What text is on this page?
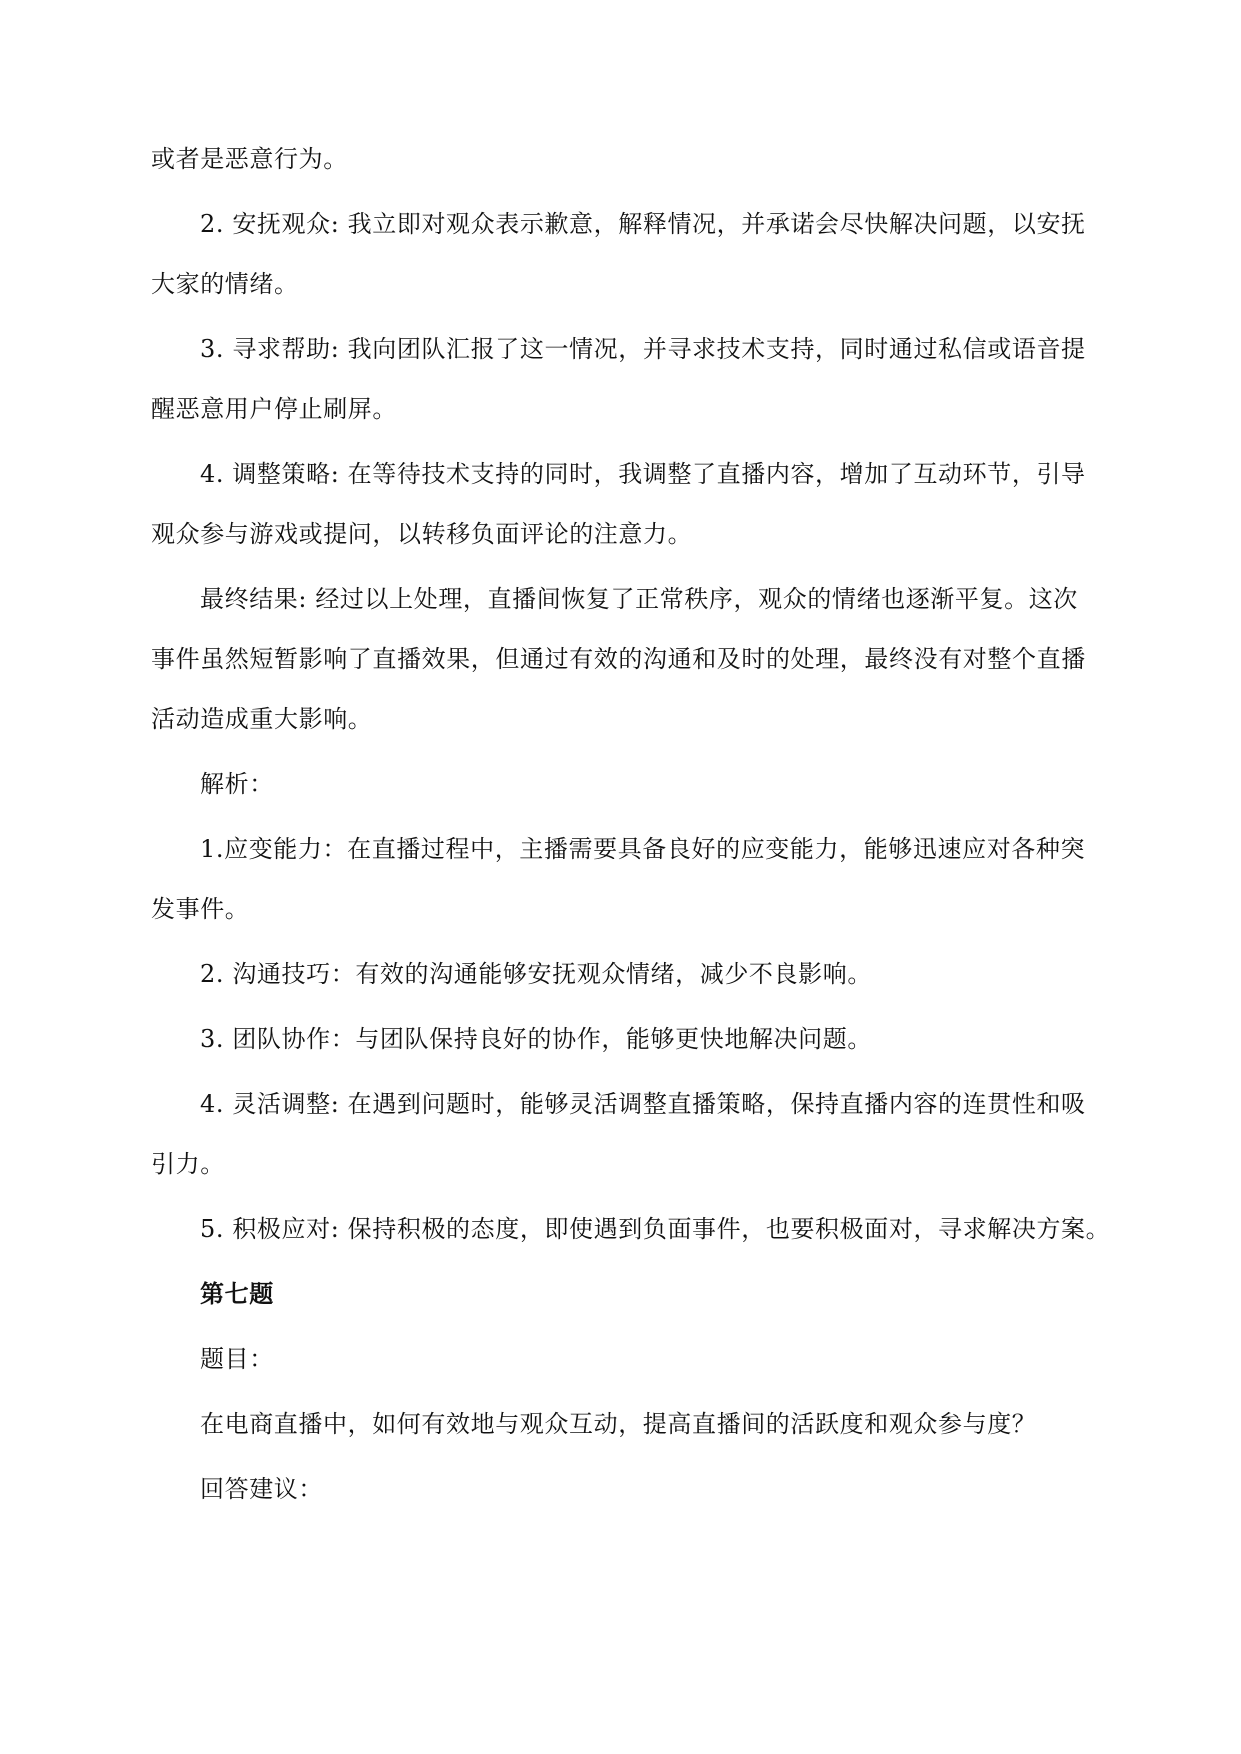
或者是恶意行为。
2. 安抚观众: 我立即对观众表示歉意，解释情况，并承诺会尽快解决问题，以安抚
大家的情绪。
3. 寻求帮助: 我向团队汇报了这一情况，并寻求技术支持，同时通过私信或语音提
醒恶意用户停止刷屏。
4. 调整策略: 在等待技术支持的同时，我调整了直播内容，增加了互动环节，引导
观众参与游戏或提问，以转移负面评论的注意力。
最终结果: 经过以上处理，直播间恢复了正常秩序，观众的情绪也逐渐平复。这次
事件虽然短暂影响了直播效果，但通过有效的沟通和及时的处理，最终没有对整个直播
活动造成重大影响。
解析：
1.应变能力：在直播过程中，主播需要具备良好的应变能力，能够迅速应对各种突
发事件。
2. 沟通技巧：有效的沟通能够安抚观众情绪，减少不良影响。
3. 团队协作：与团队保持良好的协作，能够更快地解决问题。
4. 灵活调整: 在遇到问题时，能够灵活调整直播策略，保持直播内容的连贯性和吸
引力。
5. 积极应对: 保持积极的态度，即使遇到负面事件，也要积极面对，寻求解决方案。
第七题
题目：
在电商直播中，如何有效地与观众互动，提高直播间的活跃度和观众参与度？
回答建议：
